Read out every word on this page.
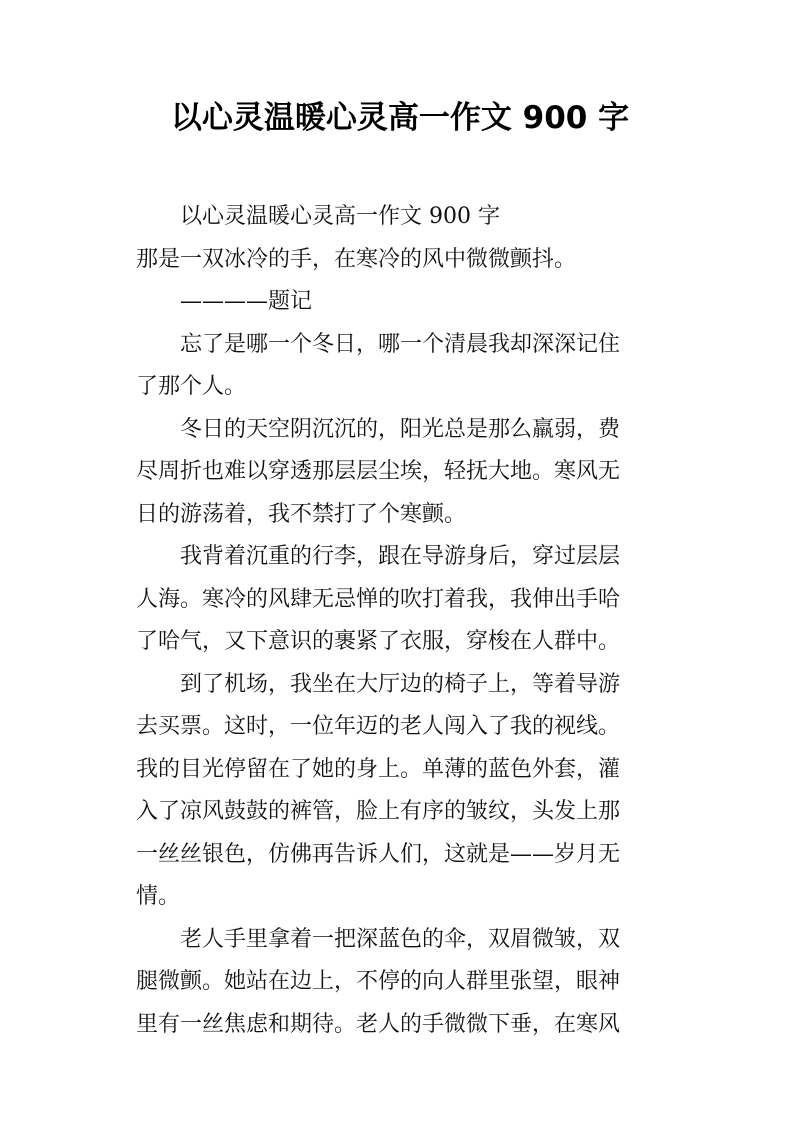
以心灵温暖心灵高一作文 900 字
以心灵温暖心灵高一作文 900 字
那是一双冰冷的手，在寒冷的风中微微颤抖。
————题记
忘了是哪一个冬日，哪一个清晨我却深深记住
了那个人。
冬日的天空阴沉沉的，阳光总是那么羸弱，费
尽周折也难以穿透那层层尘埃，轻抚大地。寒风无
日的游荡着，我不禁打了个寒颤。
我背着沉重的行李，跟在导游身后，穿过层层
人海。寒冷的风肆无忌惮的吹打着我，我伸出手哈
了哈气，又下意识的裹紧了衣服，穿梭在人群中。
到了机场，我坐在大厅边的椅子上，等着导游
去买票。这时，一位年迈的老人闯入了我的视线。
我的目光停留在了她的身上。单薄的蓝色外套，灌
入了凉风鼓鼓的裤管，脸上有序的皱纹，头发上那
一丝丝银色，仿佛再告诉人们，这就是——岁月无
情。
老人手里拿着一把深蓝色的伞，双眉微皱，双
腿微颤。她站在边上，不停的向人群里张望，眼神
里有一丝焦虑和期待。老人的手微微下垂，在寒风
